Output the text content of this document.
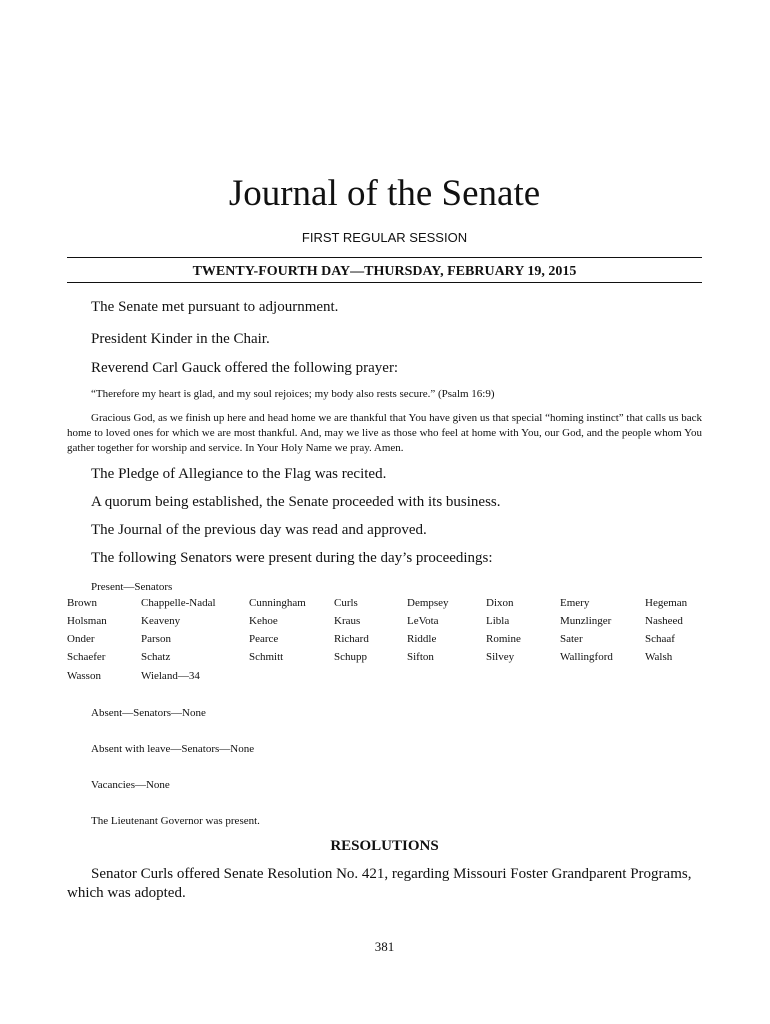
Journal of the Senate
FIRST REGULAR SESSION
TWENTY-FOURTH DAY—THURSDAY, FEBRUARY 19, 2015

The Senate met pursuant to adjournment.

President Kinder in the Chair.

Reverend Carl Gauck offered the following prayer:

“Therefore my heart is glad, and my soul rejoices; my body also rests secure.” (Psalm 16:9)

Gracious God, as we finish up here and head home we are thankful that You have given us that special “homing instinct” that calls us back home to loved ones for which we are most thankful. And, may we live as those who feel at home with You, our God, and the people whom You gather together for worship and service. In Your Holy Name we pray. Amen.

The Pledge of Allegiance to the Flag was recited.

A quorum being established, the Senate proceeded with its business.

The Journal of the previous day was read and approved.

The following Senators were present during the day’s proceedings:

Present—Senators

Brown	Chappelle-Nadal	Cunningham	Curls	Dempsey	Dixon	Emery	Hegeman
Holsman	Keaveny	Kehoe	Kraus	LeVota	Libla	Munzlinger	Nasheed
Onder	Parson	Pearce	Richard	Riddle	Romine	Sater	Schaaf
Schaefer	Schatz	Schmitt	Schupp	Sifton	Silvey	Wallingford	Walsh
Wasson	Wieland—34

Absent—Senators—None

Absent with leave—Senators—None

Vacancies—None

The Lieutenant Governor was present.

RESOLUTIONS

Senator Curls offered Senate Resolution No. 421, regarding Missouri Foster Grandparent Programs, which was adopted.

381
